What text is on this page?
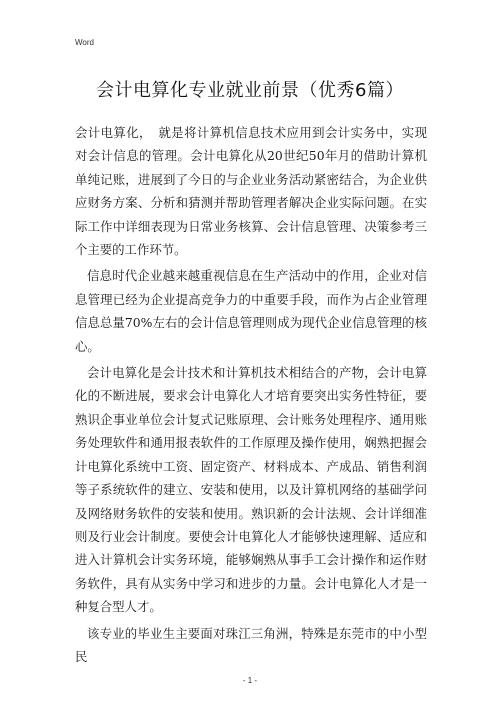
Word
会计电算化专业就业前景（优秀6篇）

会计电算化，　就是将计算机信息技术应用到会计实务中，实现对会计信息的管理。会计电算化从20世纪50年月的借助计算机单纯记账，进展到了今日的与企业业务活动紧密结合，为企业供应财务方案、分析和猜测并帮助管理者解决企业实际问题。在实际工作中详细表现为日常业务核算、会计信息管理、决策参考三个主要的工作环节。

信息时代企业越来越重视信息在生产活动中的作用，企业对信息管理已经为企业提高竞争力的中重要手段，而作为占企业管理信息总量70%左右的会计信息管理则成为现代企业信息管理的核心。

会计电算化是会计技术和计算机技术相结合的产物，会计电算化的不断进展，要求会计电算化人才培育要突出实务性特征，要熟识企事业单位会计复式记账原理、会计账务处理程序、通用账务处理软件和通用报表软件的工作原理及操作使用，娴熟把握会计电算化系统中工资、固定资产、材料成本、产成品、销售利润等子系统软件的建立、安装和使用，以及计算机网络的基础学问及网络财务软件的安装和使用。熟识新的会计法规、会计详细准则及行业会计制度。要使会计电算化人才能够快速理解、适应和进入计算机会计实务环境，能够娴熟从事手工会计操作和运作财务软件，具有从实务中学习和进步的力量。会计电算化人才是一种复合型人才。

该专业的毕业生主要面对珠江三角洲，特殊是东莞市的中小型民

- 1 -
